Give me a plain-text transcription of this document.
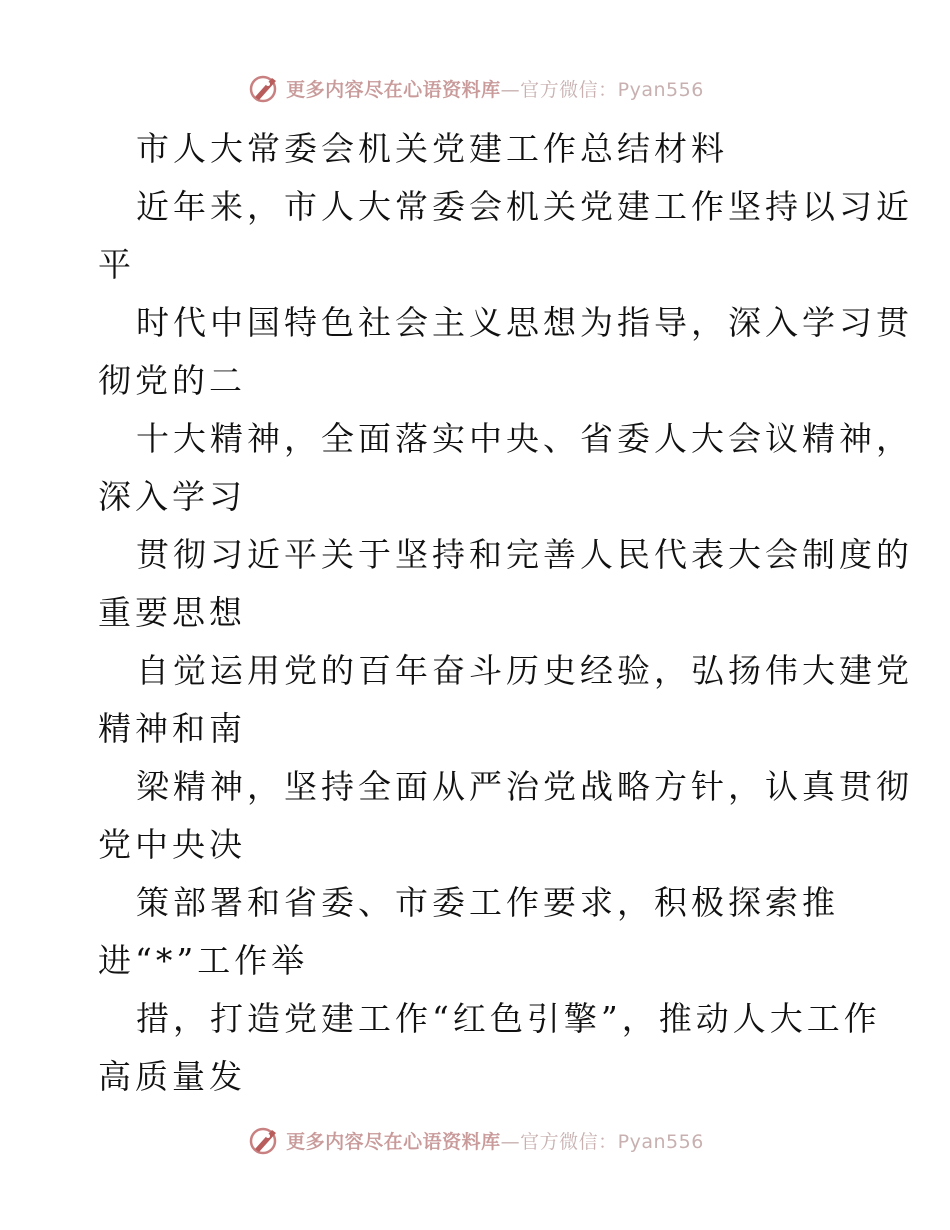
更多内容尽在心语资料库 —官方微信：Pyan556
市人大常委会机关党建工作总结材料
近年来，市人大常委会机关党建工作坚持以习近
平
时代中国特色社会主义思想为指导，深入学习贯
彻党的二
十大精神，全面落实中央、省委人大会议精神，
深入学习
贯彻习近平关于坚持和完善人民代表大会制度的
重要思想
自觉运用党的百年奋斗历史经验，弘扬伟大建党
精神和南
梁精神，坚持全面从严治党战略方针，认真贯彻
党中央决
策部署和省委、市委工作要求，积极探索推
进“*”工作举
措，打造党建工作“红色引擎”，推动人大工作
高质量发
更多内容尽在心语资料库 —官方微信：Pyan556
